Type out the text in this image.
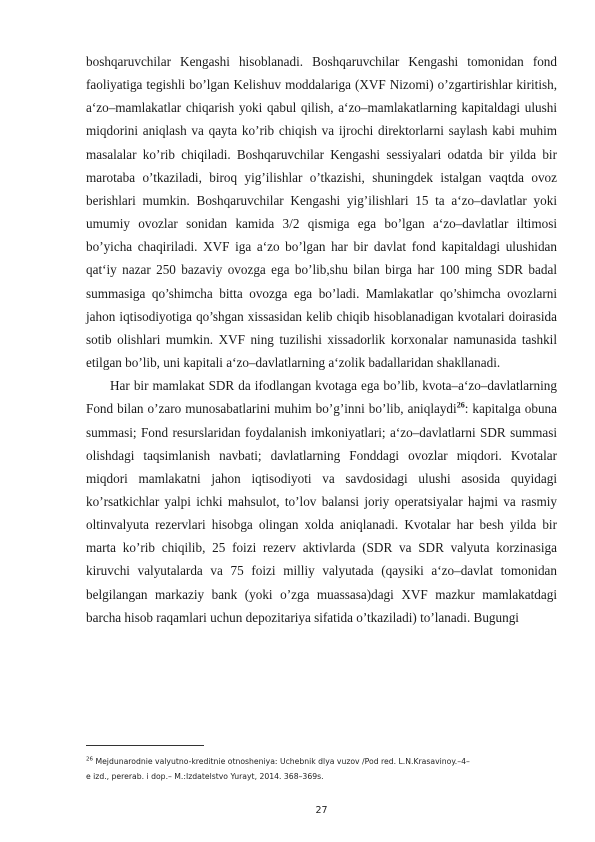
boshqaruvchilar Kengashi hisoblanadi. Boshqaruvchilar Kengashi tomonidan fond faoliyatiga tegishli bo’lgan Kelishuv moddalariga (XVF Nizomi) o’zgartirishlar kiritish, a‘zo–mamlakatlar chiqarish yoki qabul qilish, a‘zo–mamlakatlarning kapitaldagi ulushi miqdorini aniqlash va qayta ko’rib chiqish va ijrochi direktorlarni saylash kabi muhim masalalar ko’rib chiqiladi. Boshqaruvchilar Kengashi sessiyalari odatda bir yilda bir marotaba o’tkaziladi, biroq yig’ilishlar o’tkazishi, shuningdek istalgan vaqtda ovoz berishlari mumkin. Boshqaruvchilar Kengashi yig’ilishlari 15 ta a‘zo–davlatlar yoki umumiy ovozlar sonidan kamida 3/2 qismiga ega bo’lgan a‘zo–davlatlar iltimosi bo’yicha chaqiriladi. XVF iga a‘zo bo’lgan har bir davlat fond kapitaldagi ulushidan qat‘iy nazar 250 bazaviy ovozga ega bo’lib,shu bilan birga har 100 ming SDR badal summasiga qo’shimcha bitta ovozga ega bo’ladi. Mamlakatlar qo’shimcha ovozlarni jahon iqtisodiyotiga qo’shgan xissasidan kelib chiqib hisoblanadigan kvotalari doirasida sotib olishlari mumkin. XVF ning tuzilishi xissadorlik korxonalar namunasida tashkil etilgan bo’lib, uni kapitali a‘zo–davlatlarning a‘zolik badallaridan shakllanadi.

Har bir mamlakat SDR da ifodlangan kvotaga ega bo’lib, kvota–a‘zo–davlatlarning Fond bilan o’zaro munosabatlarini muhim bo’g’inni bo’lib, aniqlaydi$^{26}$: kapitalga obuna summasi; Fond resurslaridan foydalanish imkoniyatlari; a‘zo–davlatlarni SDR summasi olishdagi taqsimlanish navbati; davlatlarning Fonddagi ovozlar miqdori. Kvotalar miqdori mamlakatni jahon iqtisodiyoti va savdosidagi ulushi asosida quyidagi ko’rsatkichlar yalpi ichki mahsulot, to’lov balansi joriy operatsiyalar hajmi va rasmiy oltinvalyuta rezervlari hisobga olingan xolda aniqlanadi. Kvotalar har besh yilda bir marta ko’rib chiqilib, 25 foizi rezerv aktivlarda (SDR va SDR valyuta korzinasiga kiruvchi valyutalarda va 75 foizi milliy valyutada (qaysiki a‘zo–davlat tomonidan belgilangan markaziy bank (yoki o’zga muassasa)dagi XVF mazkur mamlakatdagi barcha hisob raqamlari uchun depozitariya sifatida o’tkaziladi) to’lanadi. Bugungi

$^{26}$ Mejdunarodnie valyutno-kreditnie otnosheniya: Uchebnik dlya vuzov /Pod red. L.N.Krasavinoy.–4–
e izd., pererab. i dop.– M.:Izdatelstvo Yurayt, 2014. 368–369s.
27
